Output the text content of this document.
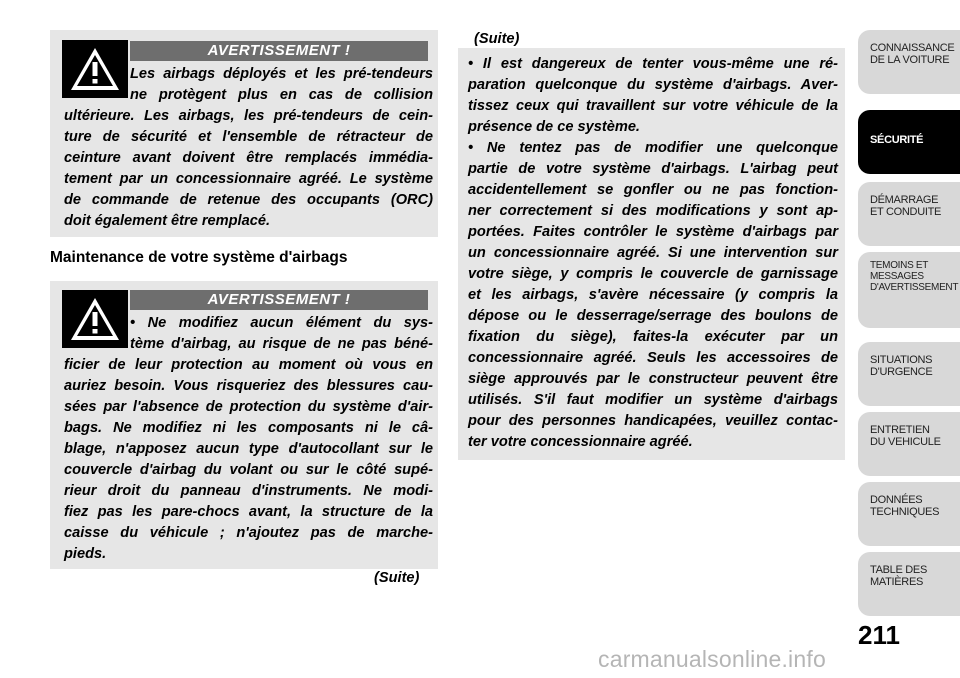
AVERTISSEMENT !

Les airbags déployés et les pré-tendeurs

ne protègent plus en cas de collision

ultérieure. Les airbags, les pré-tendeurs de cein-

ture de sécurité et l'ensemble de rétracteur de

ceinture avant doivent être remplacés immédia-

tement par un concessionnaire agréé. Le système

de commande de retenue des occupants (ORC)

doit également être remplacé.

Maintenance de votre système d'airbags
AVERTISSEMENT !

• Ne modifiez aucun élément du sys-

tème d'airbag, au risque de ne pas béné-

ficier de leur protection au moment où vous en

auriez besoin. Vous risqueriez des blessures cau-

sées par l'absence de protection du système d'air-

bags. Ne modifiez ni les composants ni le câ-

blage, n'apposez aucun type d'autocollant sur le

couvercle d'airbag du volant ou sur le côté supé-

rieur droit du panneau d'instruments. Ne modi-

fiez pas les pare-chocs avant, la structure de la

caisse du véhicule ; n'ajoutez pas de marche-

pieds.

(Suite)
(Suite)

• Il est dangereux de tenter vous-même une ré-

paration quelconque du système d'airbags. Aver-

tissez ceux qui travaillent sur votre véhicule de la

présence de ce système.

• Ne tentez pas de modifier une quelconque

partie de votre système d'airbags. L'airbag peut

accidentellement se gonfler ou ne pas fonction-

ner correctement si des modifications y sont ap-

portées. Faites contrôler le système d'airbags par

un concessionnaire agréé. Si une intervention sur

votre siège, y compris le couvercle de garnissage

et les airbags, s'avère nécessaire (y compris la

dépose ou le desserrage/serrage des boulons de

fixation du siège), faites-la exécuter par un

concessionnaire agréé. Seuls les accessoires de

siège approuvés par le constructeur peuvent être

utilisés. S'il faut modifier un système d'airbags

pour des personnes handicapées, veuillez contac-

ter votre concessionnaire agréé.

CONNAISSANCE
DE LA VOITURE
SÉCURITÉ
DÉMARRAGE
ET CONDUITE
TEMOINS ET
MESSAGES
D'AVERTISSEMENT
SITUATIONS
D'URGENCE
ENTRETIEN
DU VEHICULE
DONNÉES
TECHNIQUES
TABLE DES
MATIÈRES
211
carmanualsonline.info
